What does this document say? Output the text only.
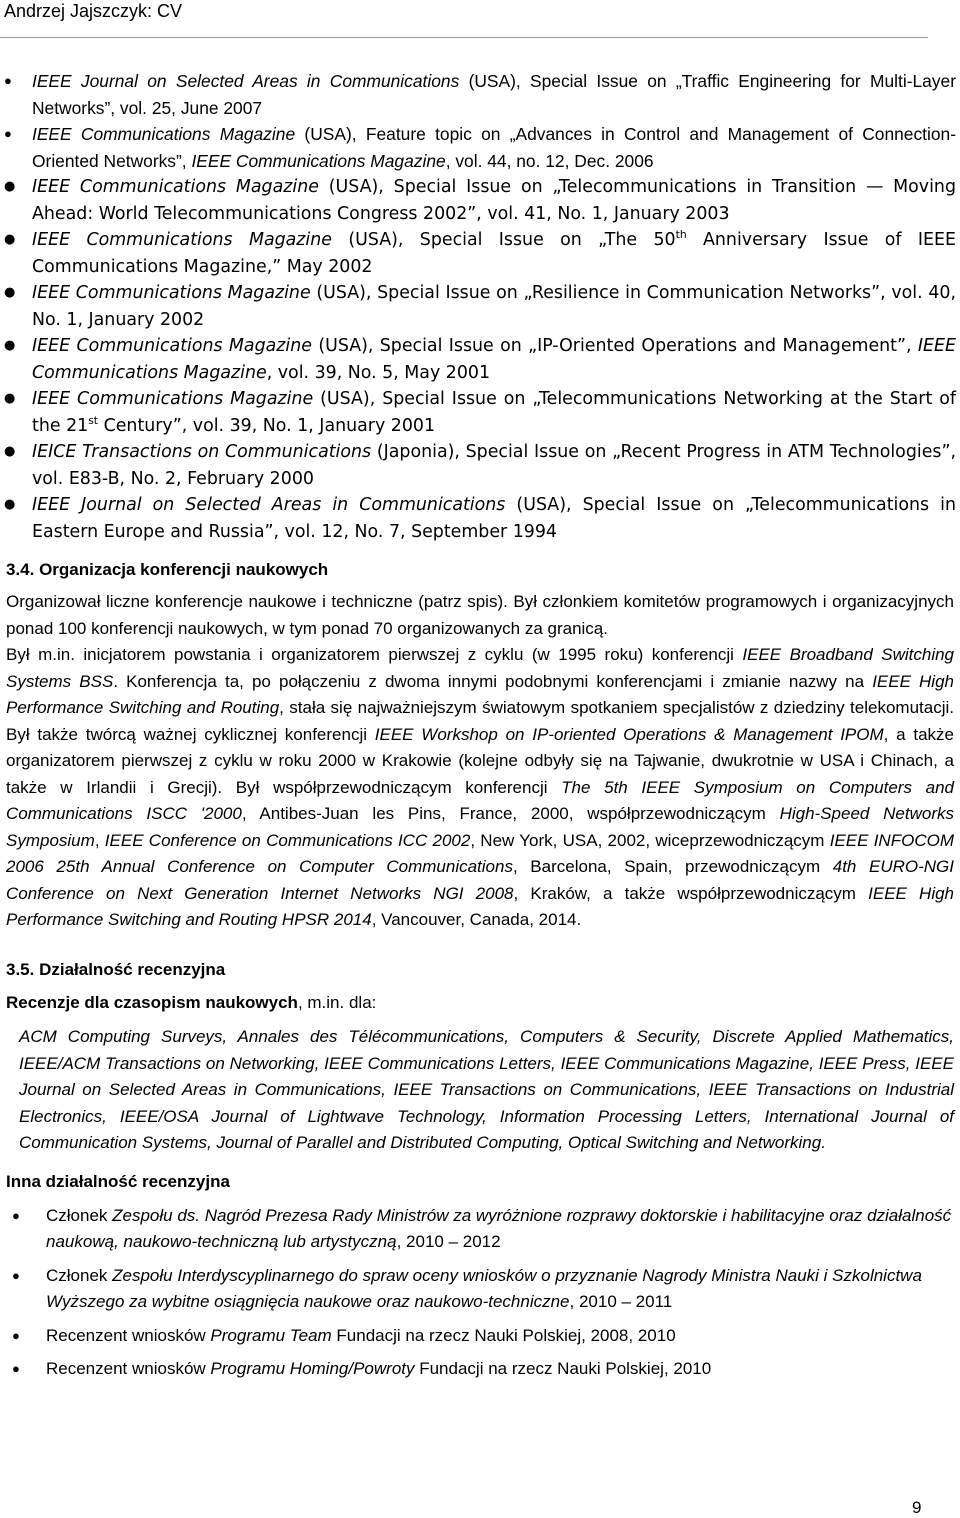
Andrzej Jajszczyk: CV
● IEEE Journal on Selected Areas in Communications (USA), Special Issue on „Traffic Engineering for Multi-Layer Networks”, vol. 25, June 2007
● IEEE Communications Magazine (USA), Feature topic on „Advances in Control and Management of Connection-Oriented Networks”, IEEE Communications Magazine, vol. 44, no. 12, Dec. 2006
● IEEE Communications Magazine (USA), Special Issue on „Telecommunications in Transition — Moving Ahead: World Telecommunications Congress 2002”, vol. 41, No. 1, January 2003
● IEEE Communications Magazine (USA), Special Issue on „The 50th Anniversary Issue of IEEE Communications Magazine,” May 2002
● IEEE Communications Magazine (USA), Special Issue on „Resilience in Communication Networks”, vol. 40, No. 1, January 2002
● IEEE Communications Magazine (USA), Special Issue on „IP-Oriented Operations and Management”, IEEE Communications Magazine, vol. 39, No. 5, May 2001
● IEEE Communications Magazine (USA), Special Issue on „Telecommunications Networking at the Start of the 21st Century”, vol. 39, No. 1, January 2001
● IEICE Transactions on Communications (Japonia), Special Issue on „Recent Progress in ATM Technologies”, vol. E83-B, No. 2, February 2000
● IEEE Journal on Selected Areas in Communications (USA), Special Issue on „Telecommunications in Eastern Europe and Russia”, vol. 12, No. 7, September 1994
3.4. Organizacja konferencji naukowych

Organizował liczne konferencje naukowe i techniczne (patrz spis). Był członkiem komitetów programowych i organizacyjnych ponad 100 konferencji naukowych, w tym ponad 70 organizowanych za granicą.

Był m.in. inicjatorem powstania i organizatorem pierwszej z cyklu (w 1995 roku) konferencji IEEE Broadband Switching Systems BSS. Konferencja ta, po połączeniu z dwoma innymi podobnymi konferencjami i zmianie nazwy na IEEE High Performance Switching and Routing, stała się najważniejszym światowym spotkaniem specjalistów z dziedziny telekomutacji. Był także twórcą ważnej cyklicznej konferencji IEEE Workshop on IP-oriented Operations & Management IPOM, a także organizatorem pierwszej z cyklu w roku 2000 w Krakowie (kolejne odbyły się na Tajwanie, dwukrotnie w USA i Chinach, a także w Irlandii i Grecji). Był współprzewodniczącym konferencji The 5th IEEE Symposium on Computers and Communications ISCC '2000, Antibes-Juan les Pins, France, 2000, współprzewodniczącym High-Speed Networks Symposium, IEEE Conference on Communications ICC 2002, New York, USA, 2002, wiceprzewodniczącym IEEE INFOCOM 2006 25th Annual Conference on Computer Communications, Barcelona, Spain, przewodniczącym 4th EURO-NGI Conference on Next Generation Internet Networks NGI 2008, Kraków, a także współprzewodniczącym IEEE High Performance Switching and Routing HPSR 2014, Vancouver, Canada, 2014.

3.5. Działalność recenzyjna

Recenzje dla czasopism naukowych, m.in. dla:

ACM Computing Surveys, Annales des Télécommunications, Computers & Security, Discrete Applied Mathematics, IEEE/ACM Transactions on Networking, IEEE Communications Letters, IEEE Communications Magazine, IEEE Press, IEEE Journal on Selected Areas in Communications, IEEE Transactions on Communications, IEEE Transactions on Industrial Electronics, IEEE/OSA Journal of Lightwave Technology, Information Processing Letters, International Journal of Communication Systems, Journal of Parallel and Distributed Computing, Optical Switching and Networking.

Inna działalność recenzyjna
● Członek Zespołu ds. Nagród Prezesa Rady Ministrów za wyróżnione rozprawy doktorskie i habilitacyjne oraz działalność naukową, naukowo-techniczną lub artystyczną, 2010 – 2012
● Członek Zespołu Interdyscyplinarnego do spraw oceny wniosków o przyznanie Nagrody Ministra Nauki i Szkolnictwa Wyższego za wybitne osiągnięcia naukowe oraz naukowo-techniczne, 2010 – 2011
● Recenzent wniosków Programu Team Fundacji na rzecz Nauki Polskiej, 2008, 2010
● Recenzent wniosków Programu Homing/Powroty Fundacji na rzecz Nauki Polskiej, 2010
9
